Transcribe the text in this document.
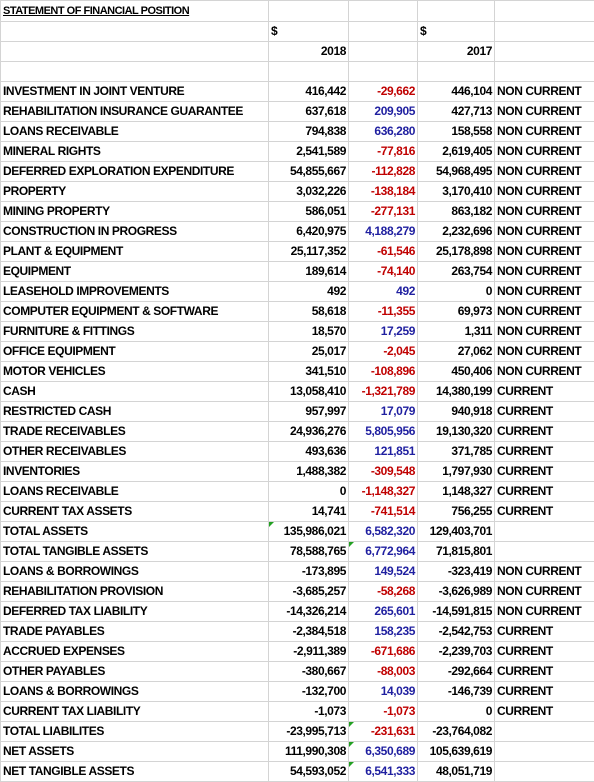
STATEMENT OF FINANCIAL POSITION				
	$		$	
	2018		2017	

INVESTMENT IN JOINT VENTURE	416,442	-29,662	446,104	NON CURRENT
REHABILITATION INSURANCE GUARANTEE	637,618	209,905	427,713	NON CURRENT
LOANS RECEIVABLE	794,838	636,280	158,558	NON CURRENT
MINERAL RIGHTS	2,541,589	-77,816	2,619,405	NON CURRENT
DEFERRED EXPLORATION EXPENDITURE	54,855,667	-112,828	54,968,495	NON CURRENT
PROPERTY	3,032,226	-138,184	3,170,410	NON CURRENT
MINING PROPERTY	586,051	-277,131	863,182	NON CURRENT
CONSTRUCTION IN PROGRESS	6,420,975	4,188,279	2,232,696	NON CURRENT
PLANT & EQUIPMENT	25,117,352	-61,546	25,178,898	NON CURRENT
EQUIPMENT	189,614	-74,140	263,754	NON CURRENT
LEASEHOLD IMPROVEMENTS	492	492	0	NON CURRENT
COMPUTER EQUIPMENT & SOFTWARE	58,618	-11,355	69,973	NON CURRENT
FURNITURE & FITTINGS	18,570	17,259	1,311	NON CURRENT
OFFICE EQUIPMENT	25,017	-2,045	27,062	NON CURRENT
MOTOR VEHICLES	341,510	-108,896	450,406	NON CURRENT
CASH	13,058,410	-1,321,789	14,380,199	CURRENT
RESTRICTED CASH	957,997	17,079	940,918	CURRENT
TRADE RECEIVABLES	24,936,276	5,805,956	19,130,320	CURRENT
OTHER RECEIVABLES	493,636	121,851	371,785	CURRENT
INVENTORIES	1,488,382	-309,548	1,797,930	CURRENT
LOANS RECEIVABLE	0	-1,148,327	1,148,327	CURRENT
CURRENT TAX ASSETS	14,741	-741,514	756,255	CURRENT
TOTAL ASSETS	135,986,021	6,582,320	129,403,701	
TOTAL TANGIBLE ASSETS	78,588,765	6,772,964	71,815,801	
LOANS & BORROWINGS	-173,895	149,524	-323,419	NON CURRENT
REHABILITATION PROVISION	-3,685,257	-58,268	-3,626,989	NON CURRENT
DEFERRED TAX LIABILITY	-14,326,214	265,601	-14,591,815	NON CURRENT
TRADE PAYABLES	-2,384,518	158,235	-2,542,753	CURRENT
ACCRUED EXPENSES	-2,911,389	-671,686	-2,239,703	CURRENT
OTHER PAYABLES	-380,667	-88,003	-292,664	CURRENT
LOANS & BORROWINGS	-132,700	14,039	-146,739	CURRENT
CURRENT TAX LIABILITY	-1,073	-1,073	0	CURRENT
TOTAL LIABILITES	-23,995,713	-231,631	-23,764,082	
NET ASSETS	111,990,308	6,350,689	105,639,619	
NET TANGIBLE ASSETS	54,593,052	6,541,333	48,051,719	
